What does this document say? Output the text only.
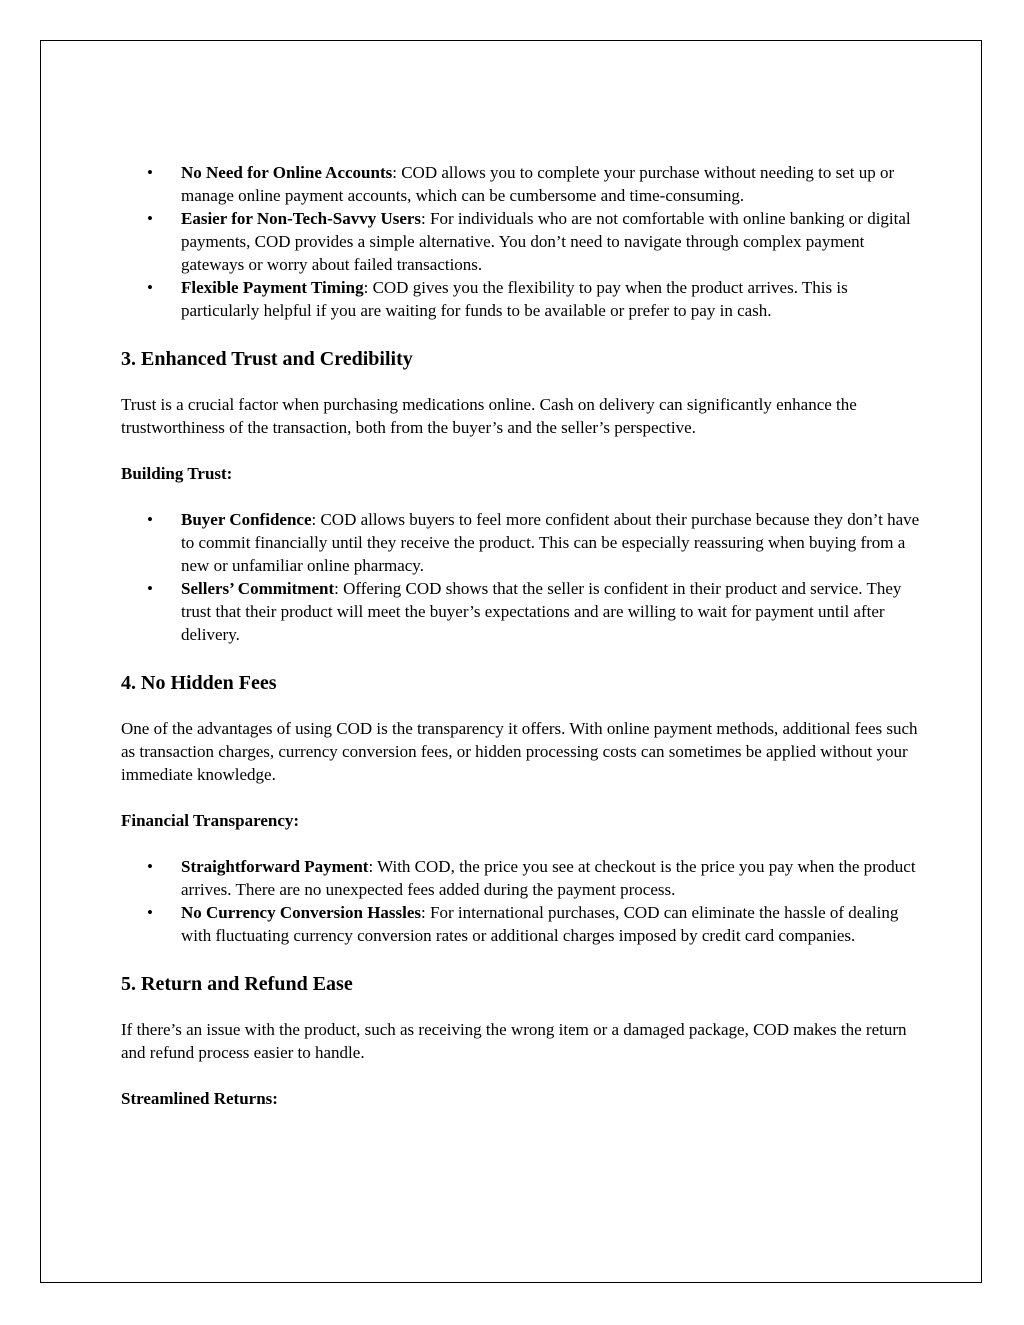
• No Need for Online Accounts: COD allows you to complete your purchase without needing to set up or manage online payment accounts, which can be cumbersome and time-consuming.
• Easier for Non-Tech-Savvy Users: For individuals who are not comfortable with online banking or digital payments, COD provides a simple alternative. You don’t need to navigate through complex payment gateways or worry about failed transactions.
• Flexible Payment Timing: COD gives you the flexibility to pay when the product arrives. This is particularly helpful if you are waiting for funds to be available or prefer to pay in cash.
3. Enhanced Trust and Credibility

Trust is a crucial factor when purchasing medications online. Cash on delivery can significantly enhance the trustworthiness of the transaction, both from the buyer’s and the seller’s perspective.

Building Trust:

• Buyer Confidence: COD allows buyers to feel more confident about their purchase because they don’t have to commit financially until they receive the product. This can be especially reassuring when buying from a new or unfamiliar online pharmacy.
• Sellers’ Commitment: Offering COD shows that the seller is confident in their product and service. They trust that their product will meet the buyer’s expectations and are willing to wait for payment until after delivery.
4. No Hidden Fees

One of the advantages of using COD is the transparency it offers. With online payment methods, additional fees such as transaction charges, currency conversion fees, or hidden processing costs can sometimes be applied without your immediate knowledge.

Financial Transparency:

• Straightforward Payment: With COD, the price you see at checkout is the price you pay when the product arrives. There are no unexpected fees added during the payment process.
• No Currency Conversion Hassles: For international purchases, COD can eliminate the hassle of dealing with fluctuating currency conversion rates or additional charges imposed by credit card companies.
5. Return and Refund Ease

If there’s an issue with the product, such as receiving the wrong item or a damaged package, COD makes the return and refund process easier to handle.

Streamlined Returns:
